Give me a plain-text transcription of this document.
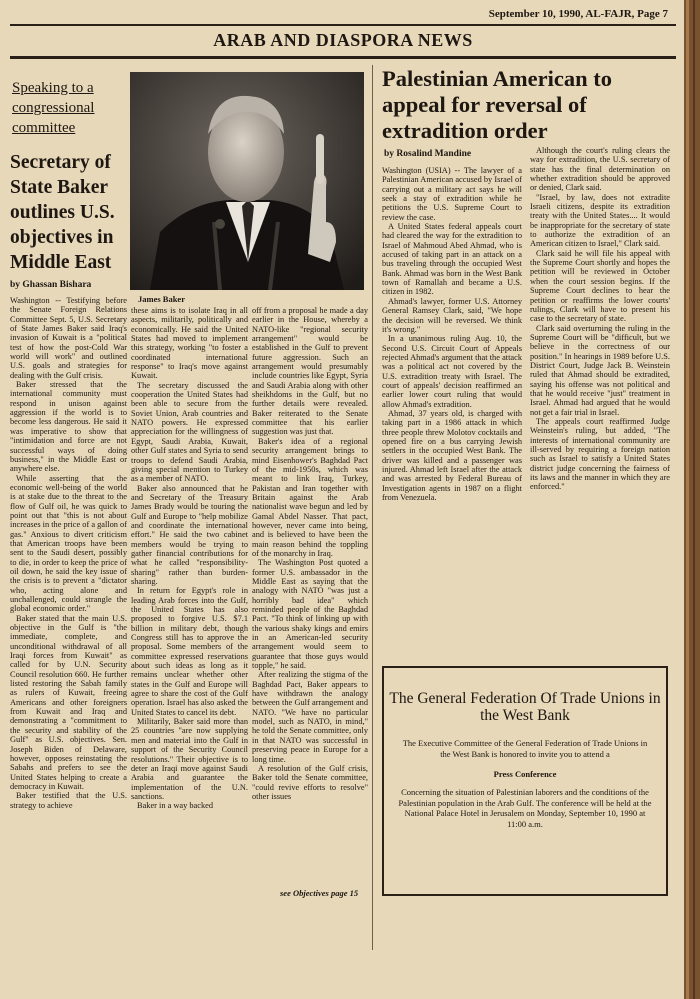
September 10, 1990, AL-FAJR, Page 7
ARAB AND DIASPORA NEWS
Speaking to a congressional committee
Secretary of State Baker outlines U.S. objectives in Middle East
by Ghassan Bishara
James Baker

Washington -- Testifying before the Senate Foreign Relations Committee Sept. 5, U.S. Secretary of State James Baker said Iraq's invasion of Kuwait is a "political test of how the post-Cold War world will work" and outlined U.S. goals and strategies for dealing with the Gulf crisis.

Baker stressed that the international community must respond in unison against aggression if the world is to become less dangerous. He said it was imperative to show that "intimidation and force are not successful ways of doing business," in the Middle East or anywhere else.

While asserting that the economic well-being of the world is at stake due to the threat to the flow of Gulf oil, he was quick to point out that "this is not about increases in the price of a gallon of gas." Anxious to divert criticism that American troops have been sent to the Saudi desert, possibly to die, in order to keep the price of oil down, he said the key issue of the crisis is to prevent a "dictator who, acting alone and unchallenged, could strangle the global economic order."

Baker stated that the main U.S. objective in the Gulf is "the immediate, complete, and unconditional withdrawal of all Iraqi forces from Kuwait" as called for by U.N. Security Council resolution 660. He further listed restoring the Sabah family as rulers of Kuwait, freeing Americans and other foreigners from Kuwait and Iraq and demonstrating a "commitment to the security and stability of the Gulf" as U.S. objectives. Sen. Joseph Biden of Delaware, however, opposes reinstating the Sabahs and prefers to see the United States helping to create a democracy in Kuwait.

Baker testified that the U.S. strategy to achieve

these aims is to isolate Iraq in all aspects, militarily, politically and economically. He said the United States had moved to implement this strategy, working "to foster a coordinated international response" to Iraq's move against Kuwait.

The secretary discussed the cooperation the United States had been able to secure from the Soviet Union, Arab countries and NATO powers. He expressed appreciation for the willingness of Egypt, Saudi Arabia, Kuwait, other Gulf states and Syria to send troops to defend Saudi Arabia, giving special mention to Turkey as a member of NATO.

Baker also announced that he and Secretary of the Treasury James Brady would be touring the Gulf and Europe to "help mobilize and coordinate the international effort." He said the two cabinet members would be trying to gather financial contributions for what he called "responsibility-sharing" rather than burden-sharing.

In return for Egypt's role in leading Arab forces into the Gulf, the United States has also proposed to forgive U.S. $7.1 billion in military debt, though Congress still has to approve the proposal. Some members of the committee expressed reservations about such ideas as long as it remains unclear whether other states in the Gulf and Europe will agree to share the cost of the Gulf operation. Israel has also asked the United States to cancel its debt.

Militarily, Baker said more than 25 countries "are now supplying men and material into the Gulf in support of the Security Council resolutions." Their objective is to deter an Iraqi move against Saudi Arabia and guarantee the implementation of the U.N. sanctions.

Baker in a way backed

off from a proposal he made a day earlier in the House, whereby a NATO-like "regional security arrangement" would be established in the Gulf to prevent future aggression. Such an arrangement would presumably include countries like Egypt, Syria and Saudi Arabia along with other sheikhdoms in the Gulf, but no further details were revealed. Baker reiterated to the Senate committee that his earlier suggestion was just that.

Baker's idea of a regional security arrangement brings to mind Eisenhower's Baghdad Pact of the mid-1950s, which was meant to link Iraq, Turkey, Pakistan and Iran together with Britain against the Arab nationalist wave begun and led by Gamal Abdel Nasser. That pact, however, never came into being, and is believed to have been the main reason behind the toppling of the monarchy in Iraq.

The Washington Post quoted a former U.S. ambassador in the Middle East as saying that the analogy with NATO "was just a horribly bad idea" which reminded people of the Baghdad Pact. "To think of linking up with the various shaky kings and emirs in an American-led security arrangement would seem to guarantee that those guys would topple," he said.

After realizing the stigma of the Baghdad Pact, Baker appears to have withdrawn the analogy between the Gulf arrangement and NATO. "We have no particular model, such as NATO, in mind," he told the Senate committee, only in that NATO was successful in preserving peace in Europe for a long time.

A resolution of the Gulf crisis, Baker told the Senate committee, "could revive efforts to resolve" other issues

see Objectives page 15
Palestinian American to appeal for reversal of extradition order
by Rosalind Mandine

Washington (USIA) -- The lawyer of a Palestinian American accused by Israel of carrying out a military act says he will seek a stay of extradition while he petitions the U.S. Supreme Court to review the case.

A United States federal appeals court had cleared the way for the extradition to Israel of Mahmoud Abed Ahmad, who is accused of taking part in an attack on a bus traveling through the occupied West Bank. Ahmad was born in the West Bank town of Ramallah and became a U.S. citizen in 1982.

Ahmad's lawyer, former U.S. Attorney General Ramsey Clark, said, "We hope the decision will be reversed. We think it's wrong."

In a unanimous ruling Aug. 10, the Second U.S. Circuit Court of Appeals rejected Ahmad's argument that the attack was a political act not covered by the U.S. extradition treaty with Israel. The court of appeals' decision reaffirmed an earlier lower court ruling that would allow Ahmad's extradition.

Ahmad, 37 years old, is charged with taking part in a 1986 attack in which three people threw Molotov cocktails and opened fire on a bus carrying Jewish settlers in the occupied West Bank. The driver was killed and a passenger was injured. Ahmad left Israel after the attack and was arrested by Federal Bureau of Investigation agents in 1987 on a flight from Venezuela.

Although the court's ruling clears the way for extradition, the U.S. secretary of state has the final determination on whether extradition should be approved or denied, Clark said.

"Israel, by law, does not extradite Israeli citizens, despite its extradition treaty with the United States.... It would be inappropriate for the secretary of state to authorize the extradition of an American citizen to Israel," Clark said.

Clark said he will file his appeal with the Supreme Court shortly and hopes the petition will be reviewed in October when the court session begins. If the Supreme Court declines to hear the petition or reaffirms the lower courts' rulings, Clark will have to present his case to the secretary of state.

Clark said overturning the ruling in the Supreme Court will be "difficult, but we believe in the correctness of our position." In hearings in 1989 before U.S. District Court, Judge Jack B. Weinstein ruled that Ahmad should be extradited, saying his offense was not political and that he would receive "just" treatment in Israel. Ahmad had argued that he would not get a fair trial in Israel.

The appeals court reaffirmed Judge Weinstein's ruling, but added, "The interests of international community are ill-served by requiring a foreign nation such as Israel to satisfy a United States district judge concerning the fairness of its laws and the manner in which they are enforced."

The General Federation Of Trade Unions in the West Bank
The Executive Committee of the General Federation of Trade Unions in the West Bank is honored to invite you to attend a
Press Conference
Concerning the situation of Palestinian laborers and the conditions of the Palestinian population in the Arab Gulf. The conference will be held at the National Palace Hotel in Jerusalem on Monday, September 10, 1990 at 11:00 a.m.
